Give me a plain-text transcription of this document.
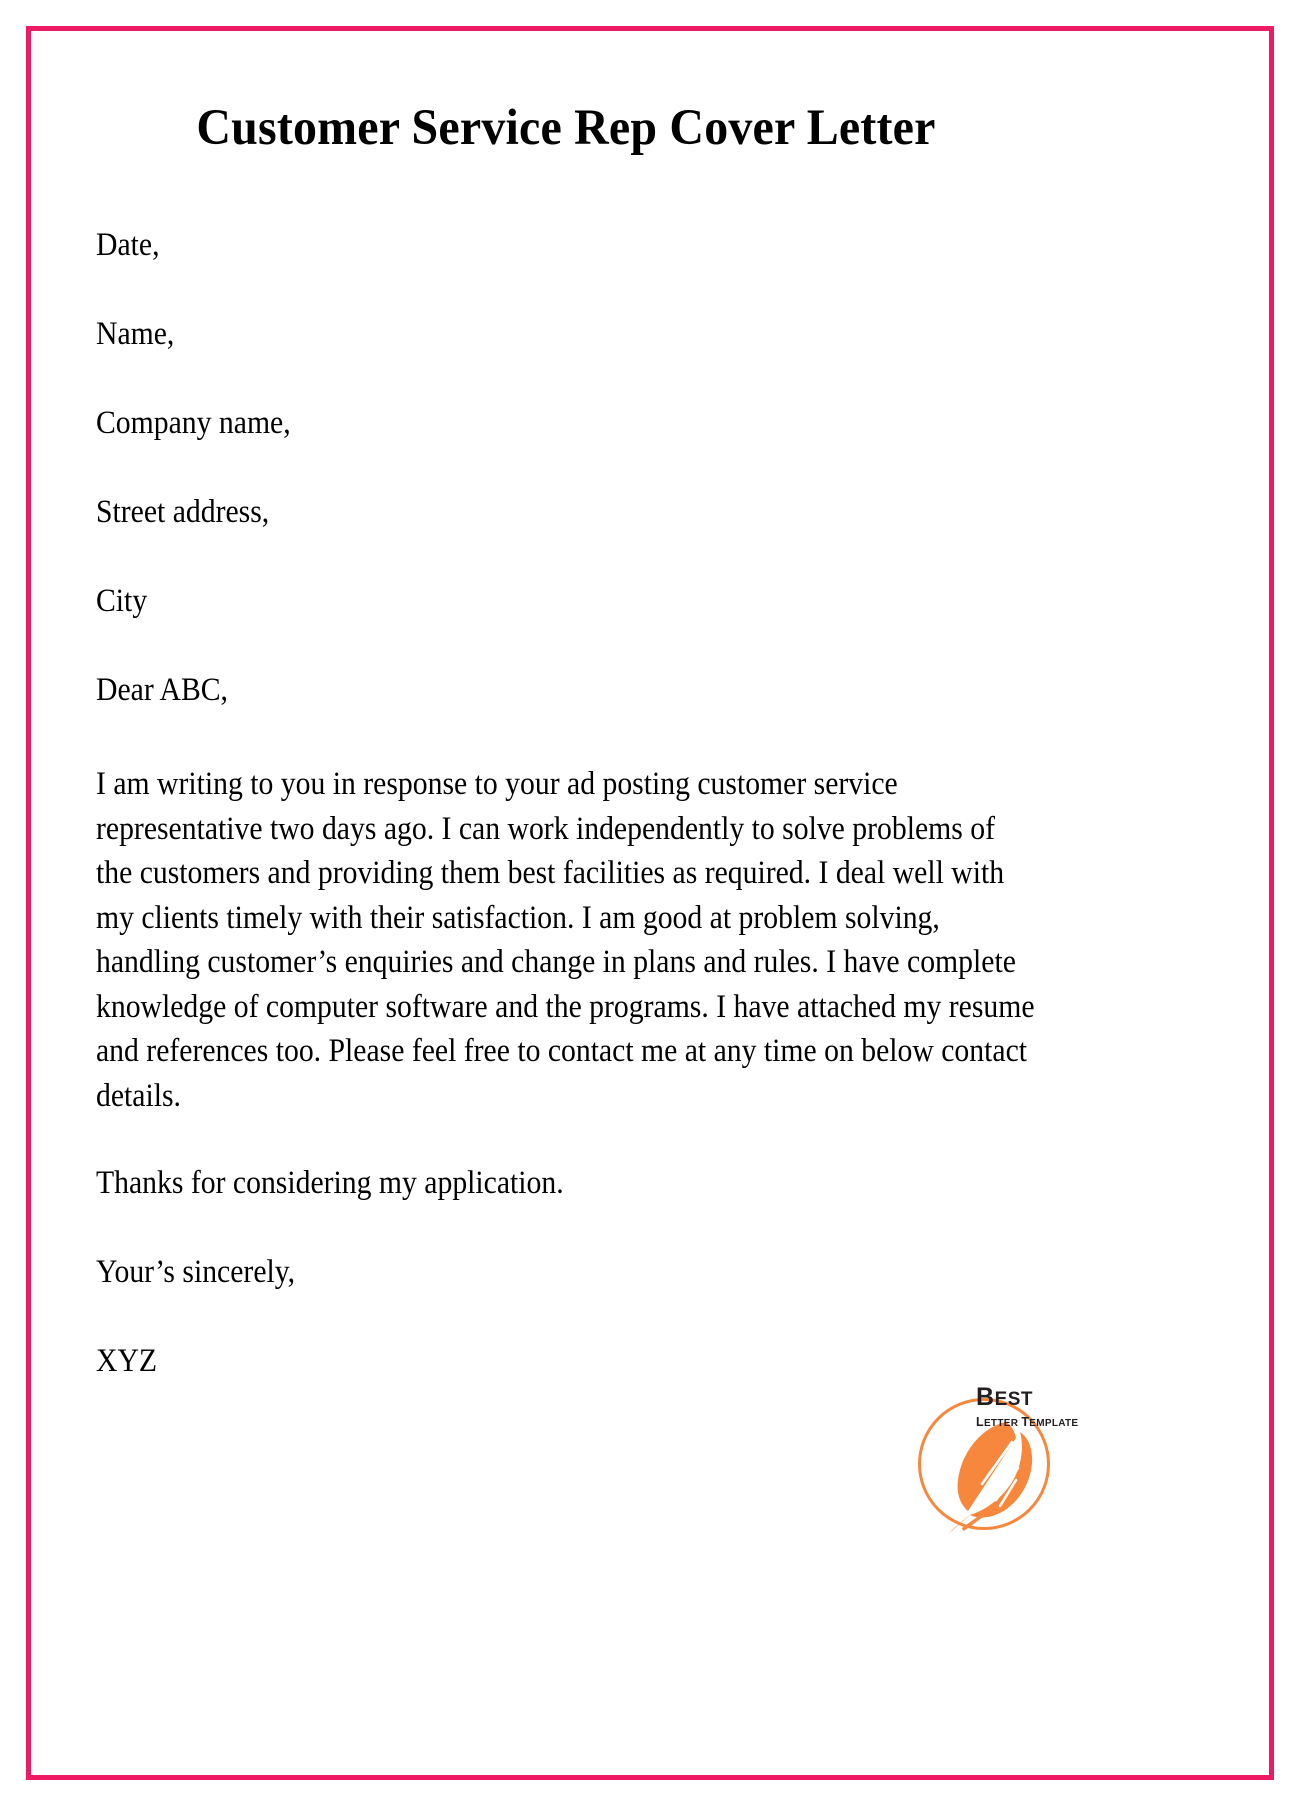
Customer Service Rep Cover Letter

Date,

Name,

Company name,

Street address,

City

Dear ABC,

I am writing to you in response to your ad posting customer service representative two days ago. I can work independently to solve problems of the customers and providing them best facilities as required. I deal well with my clients timely with their satisfaction. I am good at problem solving, handling customer’s enquiries and change in plans and rules. I have complete knowledge of computer software and the programs. I have attached my resume and references too. Please feel free to contact me at any time on below contact details.

Thanks for considering my application.

Your’s sincerely,

XYZ

BEST
LETTER TEMPLATE
